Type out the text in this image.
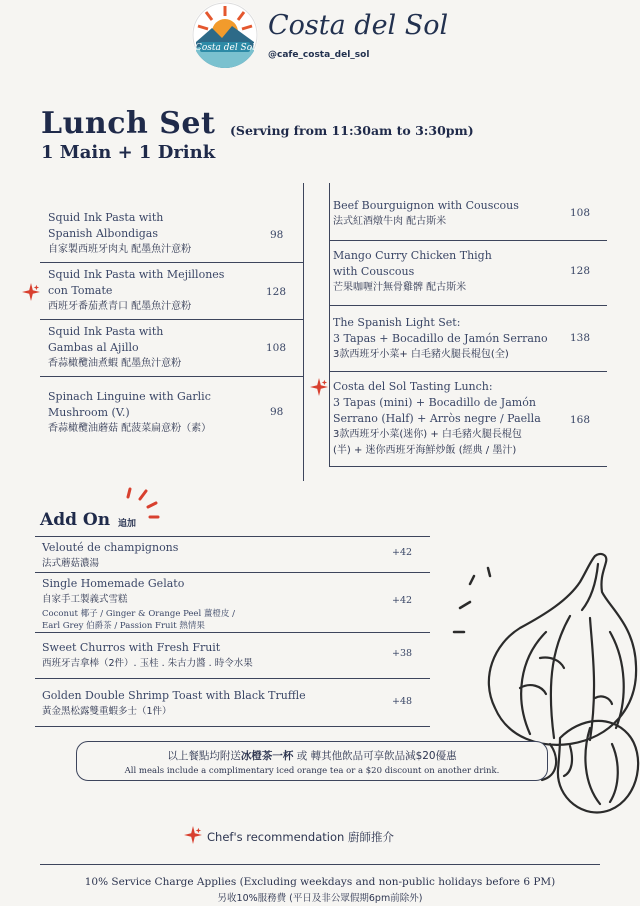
Costa del Sol
Costa del Sol
@cafe_costa_del_sol
Lunch Set
1 Main + 1 Drink
(Serving from 11:30am to 3:30pm)
Squid Ink Pasta with
Spanish Albondigas
自家製西班牙肉丸 配墨魚汁意粉
98
Squid Ink Pasta with Mejillones
con Tomate
西班牙番茄煮青口 配墨魚汁意粉
128
Squid Ink Pasta with
Gambas al Ajillo
香蒜橄欖油煮蝦 配墨魚汁意粉
108
Spinach Linguine with Garlic
Mushroom (V.)
香蒜橄欖油蘑菇 配菠菜扁意粉（素）
98
Beef Bourguignon with Couscous
法式紅酒燉牛肉 配古斯米
108
Mango Curry Chicken Thigh
with Couscous
芒果咖喱汁無骨雞髀 配古斯米
128
The Spanish Light Set:
3 Tapas + Bocadillo de Jamón Serrano
3款西班牙小菜+ 白毛豬火腿長棍包(全)
138
Costa del Sol Tasting Lunch:
3 Tapas (mini) + Bocadillo de Jamón
Serrano (Half) + Arròs negre / Paella
3款西班牙小菜(迷你) + 白毛豬火腿長棍包
(半) + 迷你西班牙海鮮炒飯 (經典 / 墨汁)
168
Add On 追加
Velouté de champignons
法式蘑菇濃湯
+42
Single Homemade Gelato
自家手工製義式雪糕
Coconut 椰子 / Ginger & Orange Peel 薑橙皮 /
Earl Grey 伯爵茶 / Passion Fruit 熱情果
+42
Sweet Churros with Fresh Fruit
西班牙吉拿棒（2件）. 玉桂 . 朱古力醬 . 時令水果
+38
Golden Double Shrimp Toast with Black Truffle
黃金黑松露雙重蝦多士（1件）
+48
以上餐點均附送冰橙茶一杯 或 轉其他飲品可享飲品減$20優惠
All meals include a complimentary iced orange tea or a $20 discount on another drink.
Chef's recommendation 廚師推介
10% Service Charge Applies (Excluding weekdays and non-public holidays before 6 PM)
另收10%服務費 (平日及非公眾假期6pm前除外)
